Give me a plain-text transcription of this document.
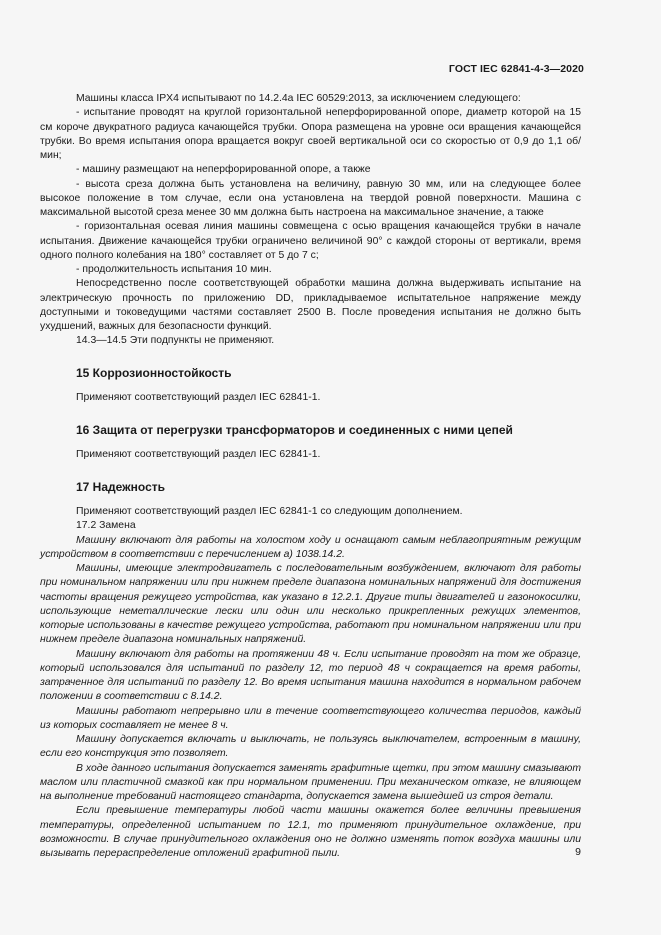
ГОСТ IEC 62841-4-3—2020

Машины класса IPX4 испытывают по 14.2.4a IEC 60529:2013, за исключением следующего:

- испытание проводят на круглой горизонтальной неперфорированной опоре, диаметр которой на 15 см короче двукратного радиуса качающейся трубки. Опора размещена на уровне оси вращения качающейся трубки. Во время испытания опора вращается вокруг своей вертикальной оси со скоростью от 0,9 до 1,1 об/мин;

- машину размещают на неперфорированной опоре, а также

- высота среза должна быть установлена на величину, равную 30 мм, или на следующее более высокое положение в том случае, если она установлена на твердой ровной поверхности. Машина с максимальной высотой среза менее 30 мм должна быть настроена на максимальное значение, а также

- горизонтальная осевая линия машины совмещена с осью вращения качающейся трубки в начале испытания. Движение качающейся трубки ограничено величиной 90° с каждой стороны от вертикали, время одного полного колебания на 180° составляет от 5 до 7 с;

- продолжительность испытания 10 мин.

Непосредственно после соответствующей обработки машина должна выдерживать испытание на электрическую прочность по приложению DD, прикладываемое испытательное напряжение между доступными и токоведущими частями составляет 2500 В. После проведения испытания не должно быть ухудшений, важных для безопасности функций.

14.3—14.5 Эти подпункты не применяют.

15 Коррозионностойкость

Применяют соответствующий раздел IEC 62841-1.

16 Защита от перегрузки трансформаторов и соединенных с ними цепей

Применяют соответствующий раздел IEC 62841-1.

17 Надежность

Применяют соответствующий раздел IEC 62841-1 со следующим дополнением.

17.2 Замена

Машину включают для работы на холостом ходу и оснащают самым неблагоприятным режущим устройством в соответствии с перечислением a) 1038.14.2.

Машины, имеющие электродвигатель с последовательным возбуждением, включают для работы при номинальном напряжении или при нижнем пределе диапазона номинальных напряжений для достижения частоты вращения режущего устройства, как указано в 12.2.1. Другие типы двигателей и газонокосилки, использующие неметаллические лески или один или несколько прикрепленных режущих элементов, которые использованы в качестве режущего устройства, работают при номинальном напряжении или при нижнем пределе диапазона номинальных напряжений.

Машину включают для работы на протяжении 48 ч. Если испытание проводят на том же образце, который использовался для испытаний по разделу 12, то период 48 ч сокращается на время работы, затраченное для испытаний по разделу 12. Во время испытания машина находится в нормальном рабочем положении в соответствии с 8.14.2.

Машины работают непрерывно или в течение соответствующего количества периодов, каждый из которых составляет не менее 8 ч.

Машину допускается включать и выключать, не пользуясь выключателем, встроенным в машину, если его конструкция это позволяет.

В ходе данного испытания допускается заменять графитные щетки, при этом машину смазывают маслом или пластичной смазкой как при нормальном применении. При механическом отказе, не влияющем на выполнение требований настоящего стандарта, допускается замена вышедшей из строя детали.

Если превышение температуры любой части машины окажется более величины превышения температуры, определенной испытанием по 12.1, то применяют принудительное охлаждение, при возможности. В случае принудительного охлаждения оно не должно изменять поток воздуха машины или вызывать перераспределение отложений графитной пыли.	9
